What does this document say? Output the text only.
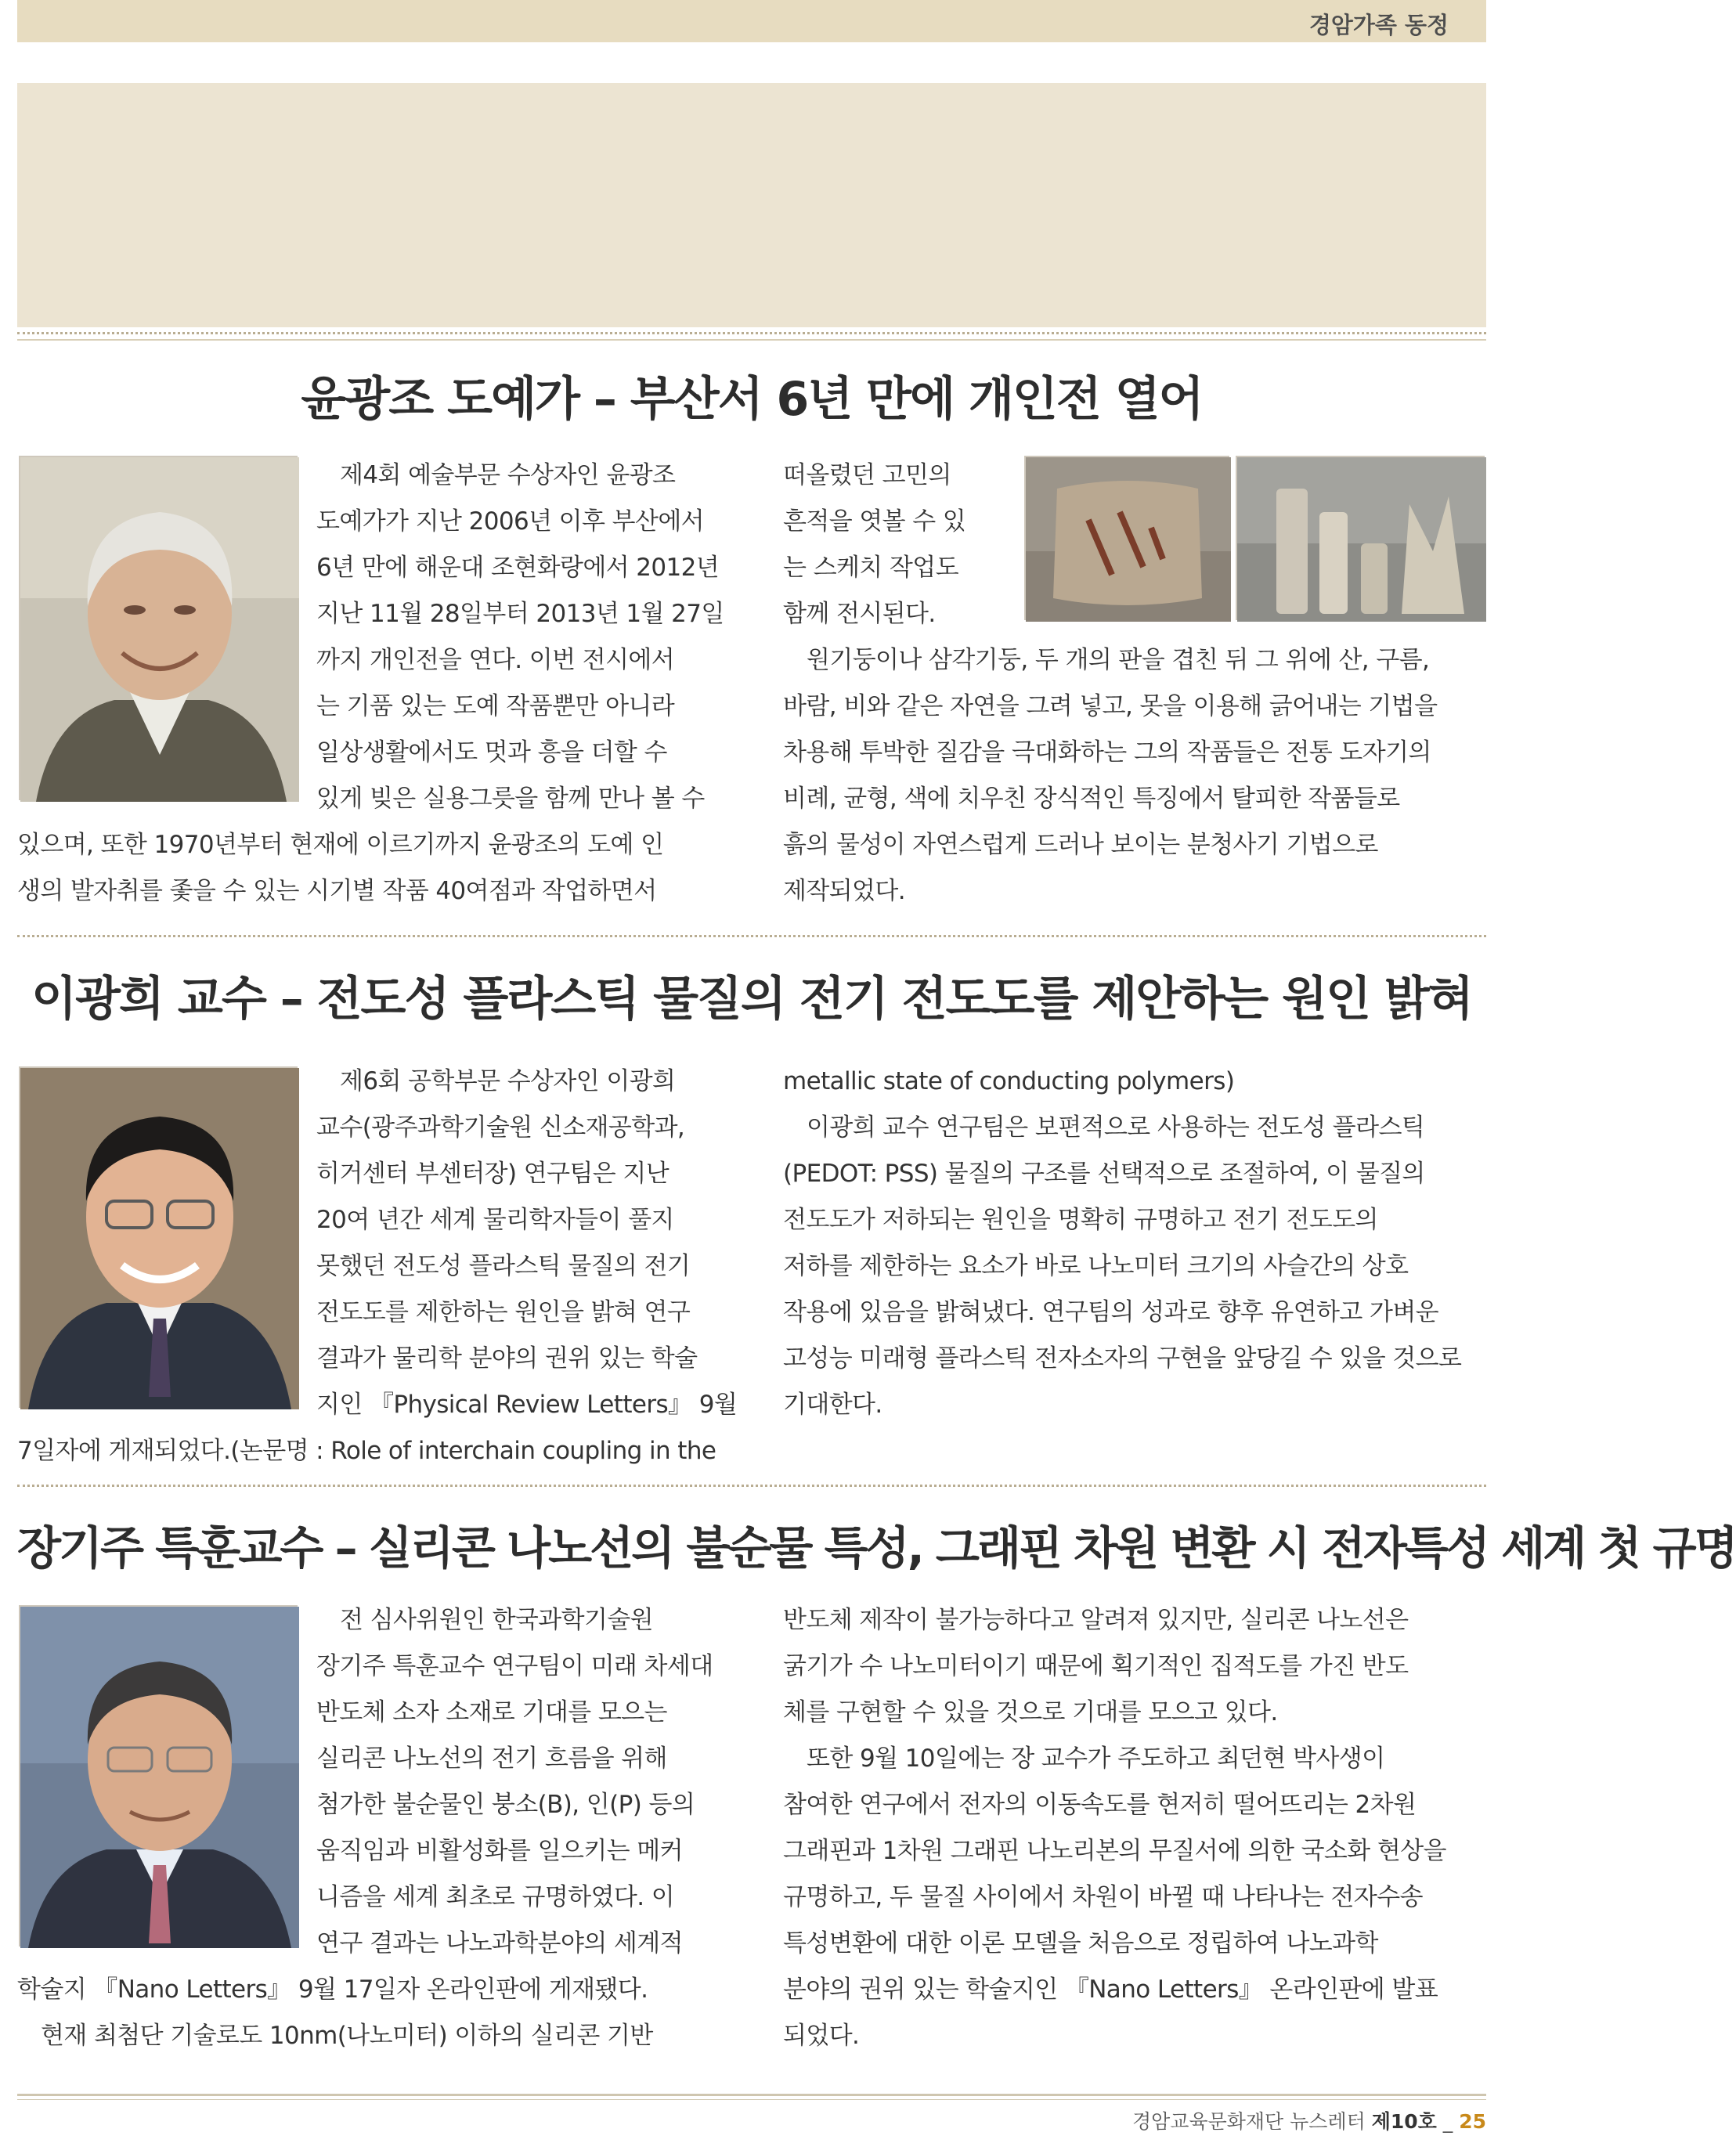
경암가족 동정
윤광조 도예가 – 부산서 6년 만에 개인전 열어
제4회 예술부문 수상자인 윤광조
도예가가 지난 2006년 이후 부산에서
6년 만에 해운대 조현화랑에서 2012년
지난 11월 28일부터 2013년 1월 27일
까지 개인전을 연다. 이번 전시에서
는 기품 있는 도예 작품뿐만 아니라
일상생활에서도 멋과 흥을 더할 수
있게 빚은 실용그릇을 함께 만나 볼 수
있으며, 또한 1970년부터 현재에 이르기까지 윤광조의 도예 인
생의 발자취를 좇을 수 있는 시기별 작품 40여점과 작업하면서
떠올렸던 고민의
흔적을 엿볼 수 있
는 스케치 작업도
함께 전시된다.
원기둥이나 삼각기둥, 두 개의 판을 겹친 뒤 그 위에 산, 구름,
바람, 비와 같은 자연을 그려 넣고, 못을 이용해 긁어내는 기법을
차용해 투박한 질감을 극대화하는 그의 작품들은 전통 도자기의
비례, 균형, 색에 치우친 장식적인 특징에서 탈피한 작품들로
흙의 물성이 자연스럽게 드러나 보이는 분청사기 기법으로
제작되었다.
이광희 교수 – 전도성 플라스틱 물질의 전기 전도도를 제안하는 원인 밝혀
제6회 공학부문 수상자인 이광희
교수(광주과학기술원 신소재공학과,
히거센터 부센터장) 연구팀은 지난
20여 년간 세계 물리학자들이 풀지
못했던 전도성 플라스틱 물질의 전기
전도도를 제한하는 원인을 밝혀 연구
결과가 물리학 분야의 권위 있는 학술
지인 『Physical Review Letters』 9월
7일자에 게재되었다.(논문명 : Role of interchain coupling in the
metallic state of conducting polymers)
이광희 교수 연구팀은 보편적으로 사용하는 전도성 플라스틱
(PEDOT: PSS) 물질의 구조를 선택적으로 조절하여, 이 물질의
전도도가 저하되는 원인을 명확히 규명하고 전기 전도도의
저하를 제한하는 요소가 바로 나노미터 크기의 사슬간의 상호
작용에 있음을 밝혀냈다. 연구팀의 성과로 향후 유연하고 가벼운
고성능 미래형 플라스틱 전자소자의 구현을 앞당길 수 있을 것으로
기대한다.
장기주 특훈교수 – 실리콘 나노선의 불순물 특성, 그래핀 차원 변환 시 전자특성 세계 첫 규명
전 심사위원인 한국과학기술원
장기주 특훈교수 연구팀이 미래 차세대
반도체 소자 소재로 기대를 모으는
실리콘 나노선의 전기 흐름을 위해
첨가한 불순물인 붕소(B), 인(P) 등의
움직임과 비활성화를 일으키는 메커
니즘을 세계 최초로 규명하였다. 이
연구 결과는 나노과학분야의 세계적
학술지 『Nano Letters』 9월 17일자 온라인판에 게재됐다.
현재 최첨단 기술로도 10nm(나노미터) 이하의 실리콘 기반
반도체 제작이 불가능하다고 알려져 있지만, 실리콘 나노선은
굵기가 수 나노미터이기 때문에 획기적인 집적도를 가진 반도
체를 구현할 수 있을 것으로 기대를 모으고 있다.
또한 9월 10일에는 장 교수가 주도하고 최던현 박사생이
참여한 연구에서 전자의 이동속도를 현저히 떨어뜨리는 2차원
그래핀과 1차원 그래핀 나노리본의 무질서에 의한 국소화 현상을
규명하고, 두 물질 사이에서 차원이 바뀔 때 나타나는 전자수송
특성변환에 대한 이론 모델을 처음으로 정립하여 나노과학
분야의 권위 있는 학술지인 『Nano Letters』 온라인판에 발표
되었다.
경암교육문화재단 뉴스레터 제10호 _ 25
